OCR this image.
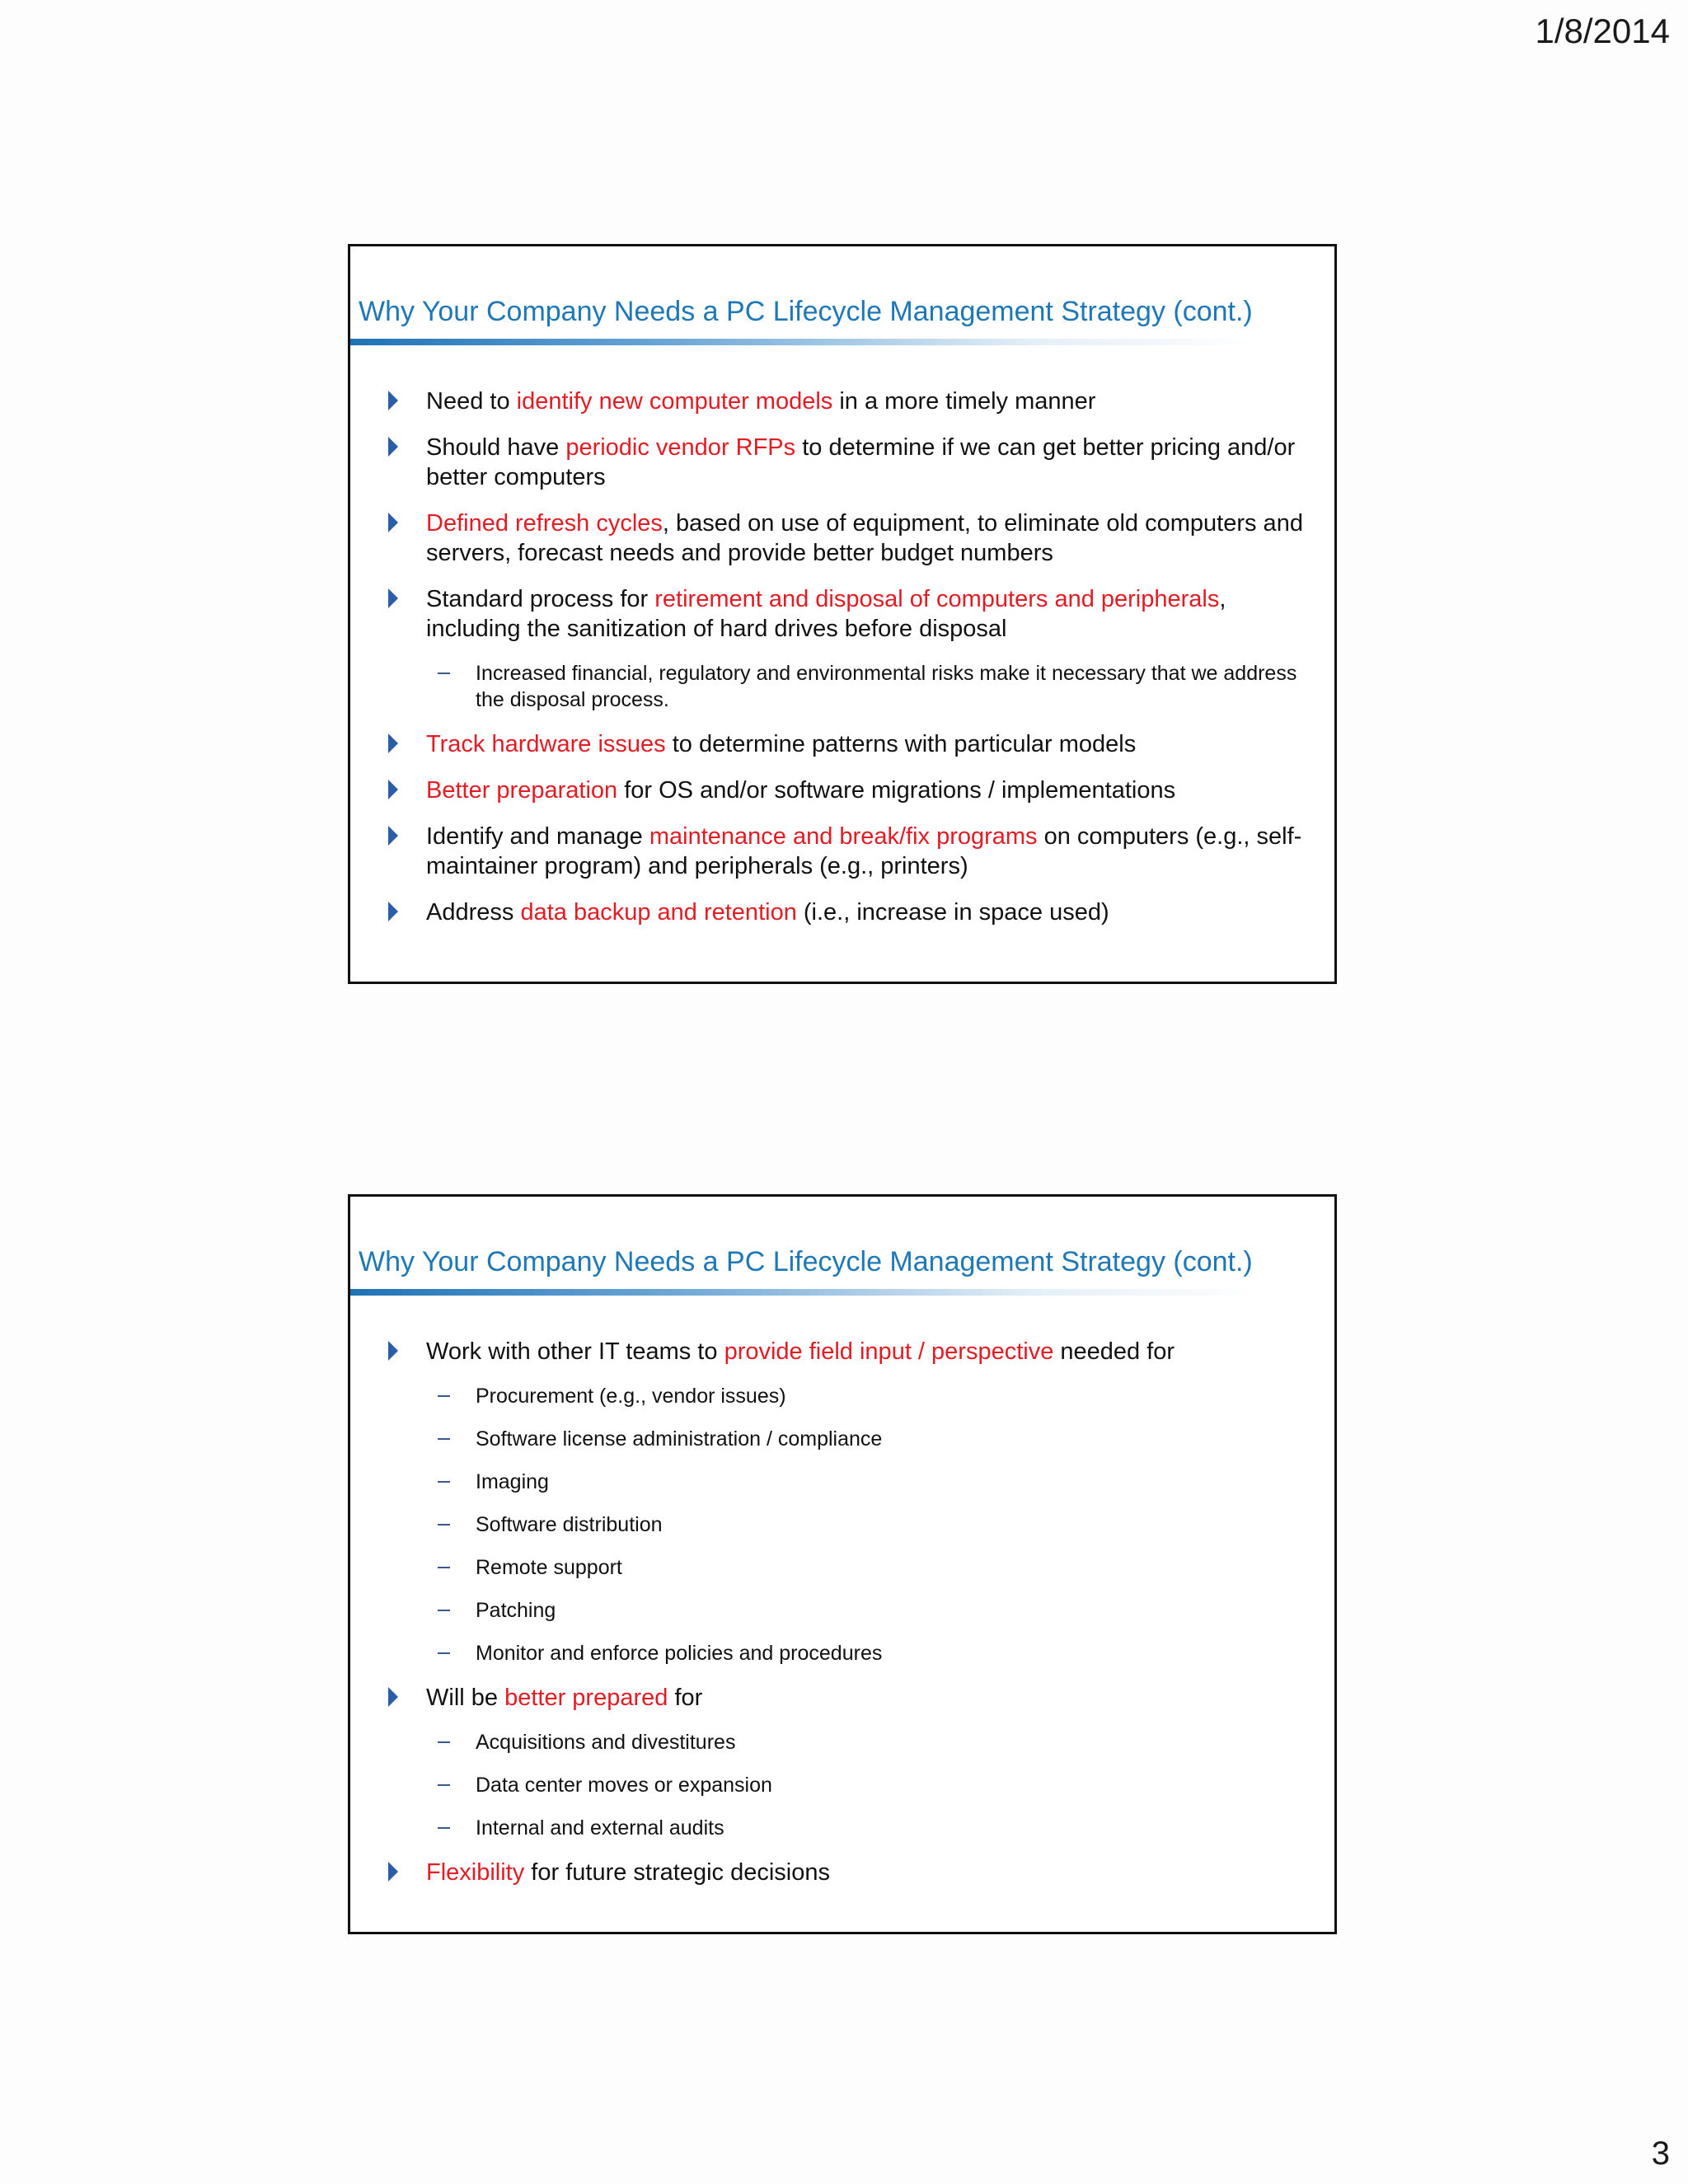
1/8/2014
Why Your Company Needs a PC Lifecycle Management Strategy (cont.)
Need to identify new computer models in a more timely manner
Should have periodic vendor RFPs to determine if we can get better pricing and/or better computers
Defined refresh cycles, based on use of equipment, to eliminate old computers and servers, forecast needs and provide better budget numbers
Standard process for retirement and disposal of computers and peripherals, including the sanitization of hard drives before disposal
Increased financial, regulatory and environmental risks make it necessary that we address the disposal process.
Track hardware issues to determine patterns with particular models
Better preparation for OS and/or software migrations / implementations
Identify and manage maintenance and break/fix programs on computers (e.g., self-maintainer program) and peripherals (e.g., printers)
Address data backup and retention (i.e., increase in space used)
Why Your Company Needs a PC Lifecycle Management Strategy (cont.)
Work with other IT teams to provide field input / perspective needed for
Procurement (e.g., vendor issues)
Software license administration / compliance
Imaging
Software distribution
Remote support
Patching
Monitor and enforce policies and procedures
Will be better prepared for
Acquisitions and divestitures
Data center moves or expansion
Internal and external audits
Flexibility for future strategic decisions
3
